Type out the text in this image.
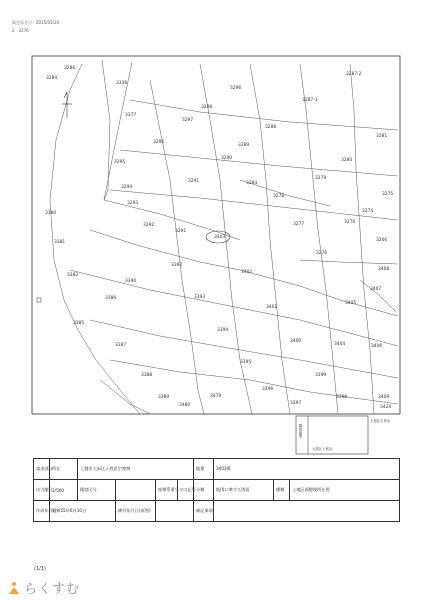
販売年月日：2015/01/20
2　3276
3286
3284
3336
3296
3287-2
3287-1
3298
3377
3297
3288
3281
3286
3289
3290	3280
3295
3279
3291	3284
3294
3275
3278
3293
3274
3380
3276
3292	3277
3291
3403
3381	3266
3276
3392
3408
3382
3402
3390
3407
3386	3393
3405
3401
3385
3394
3400
3404	3406
3387
3395
3388	3399
3396
3389	3479	3398	3409
3480	3397
3424
隣接地番
大湯区土底浜
大湯区土底浜
請求部分	所在	上越市大潟区土底浜字渡割				地番	3403番		
出力縮尺	1/500	精度区分		座標系番号又は記号		分類	地図に準ずる図面	種類	土地区画整理所在図
作成年月日	昭和55年6月10日		備付年月日(原図)			補記事項			
(1/1)
らくすむ
